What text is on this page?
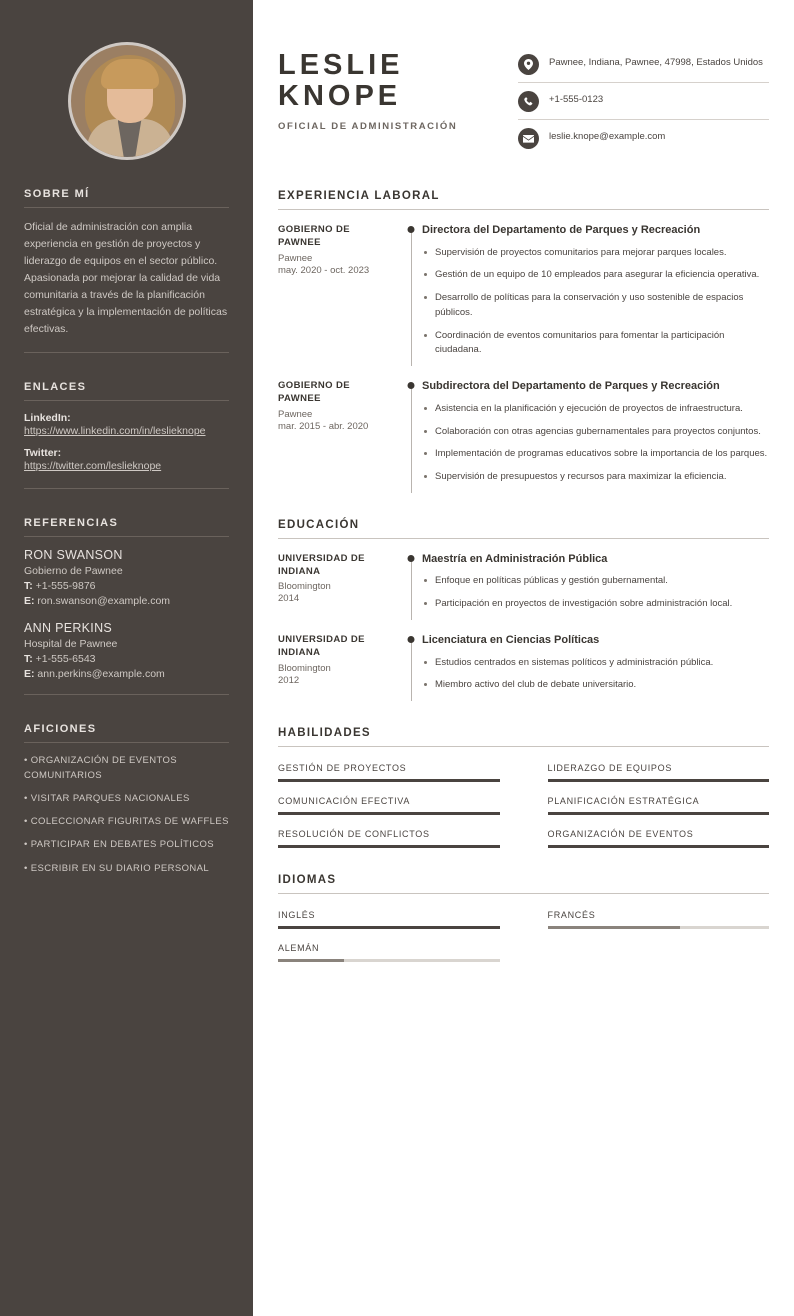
SOBRE MÍ
Oficial de administración con amplia experiencia en gestión de proyectos y liderazgo de equipos en el sector público. Apasionada por mejorar la calidad de vida comunitaria a través de la planificación estratégica y la implementación de políticas efectivas.
ENLACES
LinkedIn:
https://www.linkedin.com/in/leslieknope
Twitter:
https://twitter.com/leslieknope
REFERENCIAS
RON SWANSON
Gobierno de Pawnee
T: +1-555-9876
E: ron.swanson@example.com
ANN PERKINS
Hospital de Pawnee
T: +1-555-6543
E: ann.perkins@example.com
AFICIONES
• ORGANIZACIÓN DE EVENTOS COMUNITARIOS
• VISITAR PARQUES NACIONALES
• COLECCIONAR FIGURITAS DE WAFFLES
• PARTICIPAR EN DEBATES POLÍTICOS
• ESCRIBIR EN SU DIARIO PERSONAL
LESLIE
KNOPE
OFICIAL DE ADMINISTRACIÓN
Pawnee, Indiana, Pawnee, 47998, Estados Unidos
+1-555-0123
leslie.knope@example.com
EXPERIENCIA LABORAL
GOBIERNO DE PAWNEE
Pawnee
may. 2020 - oct. 2023
Directora del Departamento de Parques y Recreación
Supervisión de proyectos comunitarios para mejorar parques locales.
Gestión de un equipo de 10 empleados para asegurar la eficiencia operativa.
Desarrollo de políticas para la conservación y uso sostenible de espacios públicos.
Coordinación de eventos comunitarios para fomentar la participación ciudadana.
GOBIERNO DE PAWNEE
Pawnee
mar. 2015 - abr. 2020
Subdirectora del Departamento de Parques y Recreación
Asistencia en la planificación y ejecución de proyectos de infraestructura.
Colaboración con otras agencias gubernamentales para proyectos conjuntos.
Implementación de programas educativos sobre la importancia de los parques.
Supervisión de presupuestos y recursos para maximizar la eficiencia.
EDUCACIÓN
UNIVERSIDAD DE INDIANA
Bloomington
2014
Maestría en Administración Pública
Enfoque en políticas públicas y gestión gubernamental.
Participación en proyectos de investigación sobre administración local.
UNIVERSIDAD DE INDIANA
Bloomington
2012
Licenciatura en Ciencias Políticas
Estudios centrados en sistemas políticos y administración pública.
Miembro activo del club de debate universitario.
HABILIDADES
GESTIÓN DE PROYECTOS	LIDERAZGO DE EQUIPOS
COMUNICACIÓN EFECTIVA	PLANIFICACIÓN ESTRATÉGICA
RESOLUCIÓN DE CONFLICTOS	ORGANIZACIÓN DE EVENTOS
IDIOMAS
INGLÉS	FRANCÉS
ALEMÁN
